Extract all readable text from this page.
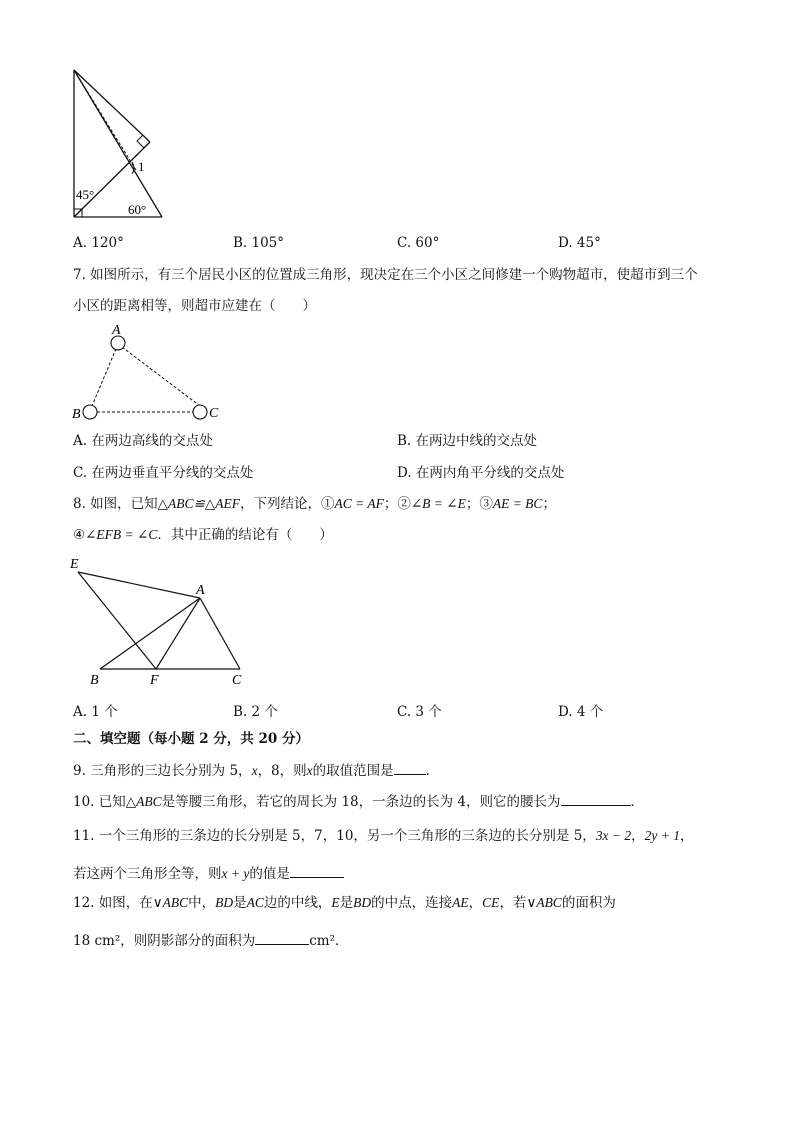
1
45°
60°
A. 120°	B. 105°	C. 60°	D. 45°
7. 如图所示，有三个居民小区的位置成三角形，现决定在三个小区之间修建一个购物超市，使超市到三个
小区的距离相等，则超市应建在（　　）
A
B	C
A. 在两边高线的交点处	B. 在两边中线的交点处
C. 在两边垂直平分线的交点处	D. 在两内角平分线的交点处
8. 如图，已知△ABC≌△AEF，下列结论，①AC = AF；②∠B = ∠E；③AE = BC；
④∠EFB = ∠C．其中正确的结论有（　　）
E
A
B	F	C
A. 1 个	B. 2 个	C. 3 个	D. 4 个
二、填空题（每小题 2 分，共 20 分）
9. 三角形的三边长分别为 5，x，8，则x的取值范围是 ．
10. 已知△ABC是等腰三角形，若它的周长为 18，一条边的长为 4，则它的腰长为	．
11. 一个三角形的三条边的长分别是 5，7，10，另一个三角形的三条边的长分别是 5，3x − 2，2y + 1，
若这两个三角形全等，则x + y的值是
12. 如图，在∨ABC中，BD是AC边的中线，E是BD的中点，连接AE，CE，若∨ABC的面积为
18 cm²，则阴影部分的面积为	cm²．
